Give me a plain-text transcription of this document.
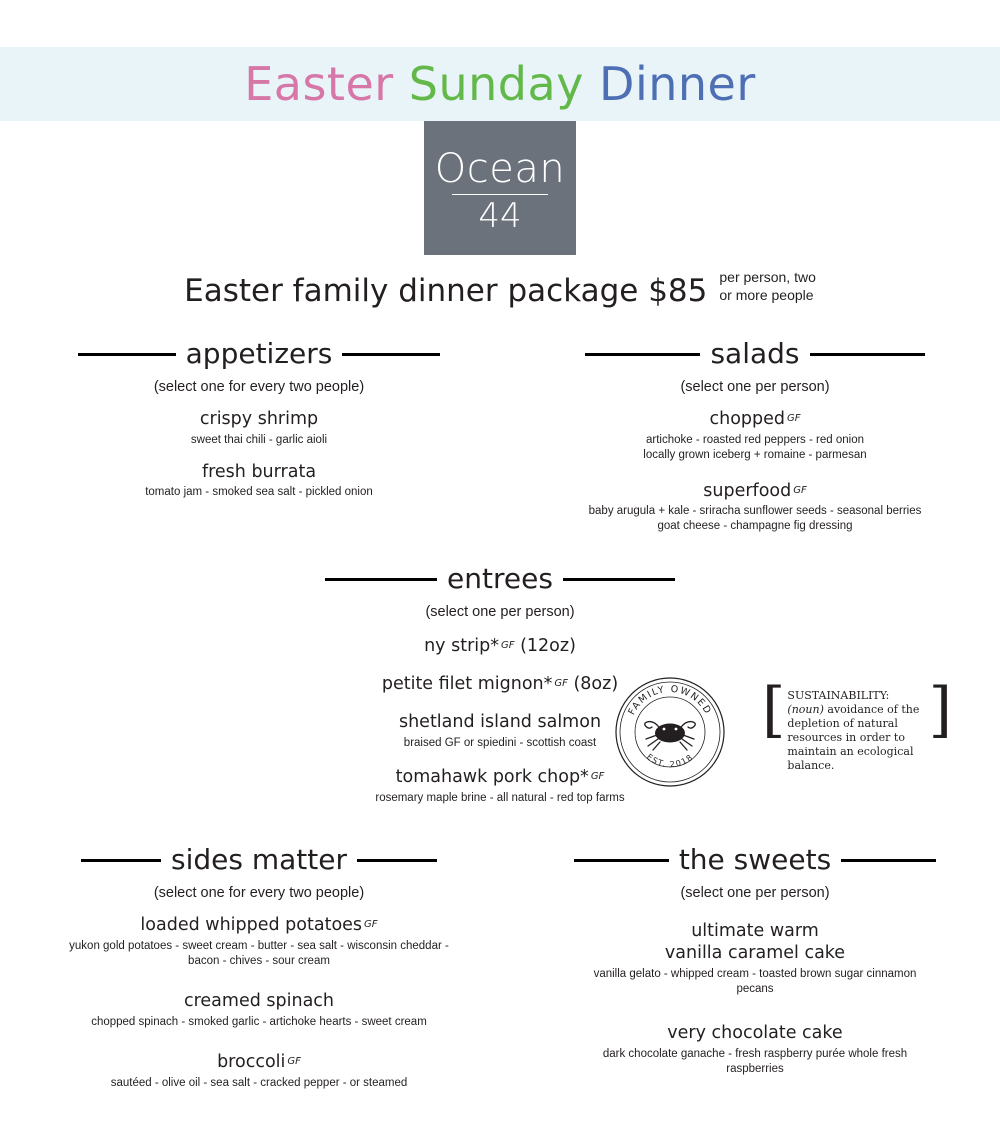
Easter Sunday Dinner
Ocean
44
Easter family dinner package $85 per person, two
or more people
appetizers
(select one for every two people)
crispy shrimp
sweet thai chili - garlic aioli
fresh burrata
tomato jam - smoked sea salt - pickled onion
salads
(select one per person)
chopped GF
artichoke - roasted red peppers - red onion
locally grown iceberg + romaine - parmesan
superfood GF
baby arugula + kale - sriracha sunflower seeds - seasonal berries
goat cheese - champagne fig dressing
entrees
(select one per person)
ny strip* GF (12oz)
petite filet mignon* GF (8oz)
shetland island salmon
braised GF or spiedini - scottish coast
tomahawk pork chop* GF
rosemary maple brine - all natural - red top farms
FAMILY OWNED
EST. 2018
[ SUSTAINABILITY: (noun) avoidance of the depletion of natural resources in order to maintain an ecological balance.
]
sides matter
(select one for every two people)
loaded whipped potatoes GF
yukon gold potatoes - sweet cream - butter - sea salt - wisconsin cheddar -
bacon - chives - sour cream
creamed spinach
chopped spinach - smoked garlic - artichoke hearts - sweet cream
broccoli GF
sautéed - olive oil - sea salt - cracked pepper - or steamed
the sweets
(select one per person)
ultimate warm
vanilla caramel cake
vanilla gelato - whipped cream - toasted brown sugar cinnamon
pecans
very chocolate cake
dark chocolate ganache - fresh raspberry purée whole fresh
raspberries
